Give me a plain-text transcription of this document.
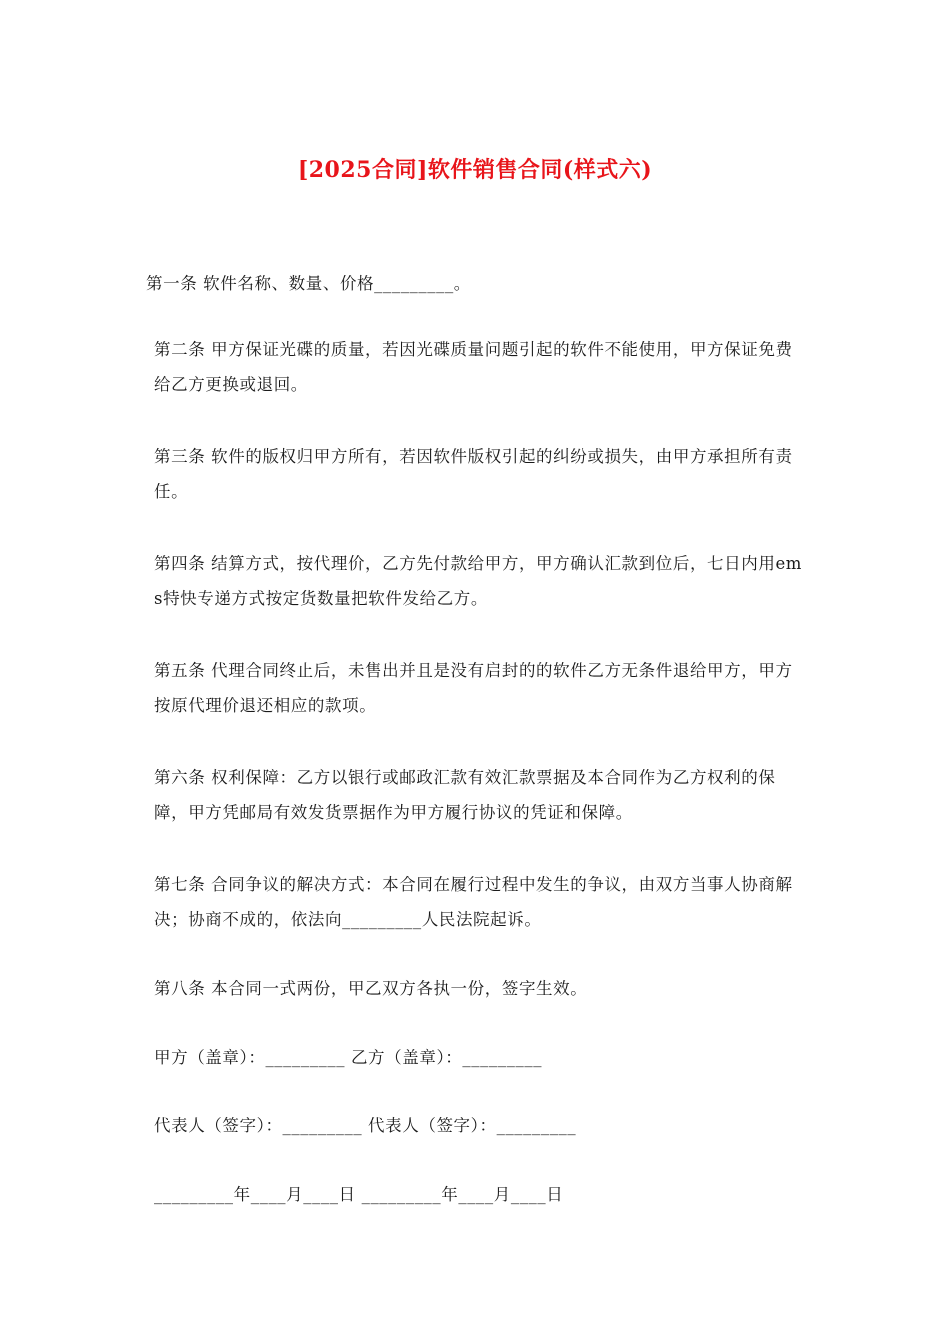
[2025合同]软件销售合同(样式六)

第一条 软件名称、数量、价格_________。

第二条 甲方保证光碟的质量，若因光碟质量问题引起的软件不能使用，甲方保证免费给乙方更换或退回。

第三条 软件的版权归甲方所有，若因软件版权引起的纠纷或损失，由甲方承担所有责任。

第四条 结算方式，按代理价，乙方先付款给甲方，甲方确认汇款到位后，七日内用ems特快专递方式按定货数量把软件发给乙方。

第五条 代理合同终止后，未售出并且是没有启封的的软件乙方无条件退给甲方，甲方按原代理价退还相应的款项。

第六条 权利保障：乙方以银行或邮政汇款有效汇款票据及本合同作为乙方权利的保障，甲方凭邮局有效发货票据作为甲方履行协议的凭证和保障。

第七条 合同争议的解决方式：本合同在履行过程中发生的争议，由双方当事人协商解决；协商不成的，依法向_________人民法院起诉。

第八条 本合同一式两份，甲乙双方各执一份，签字生效。

甲方（盖章）：_________ 乙方（盖章）：_________

代表人（签字）：_________ 代表人（签字）：_________

_________年____月____日 _________年____月____日
